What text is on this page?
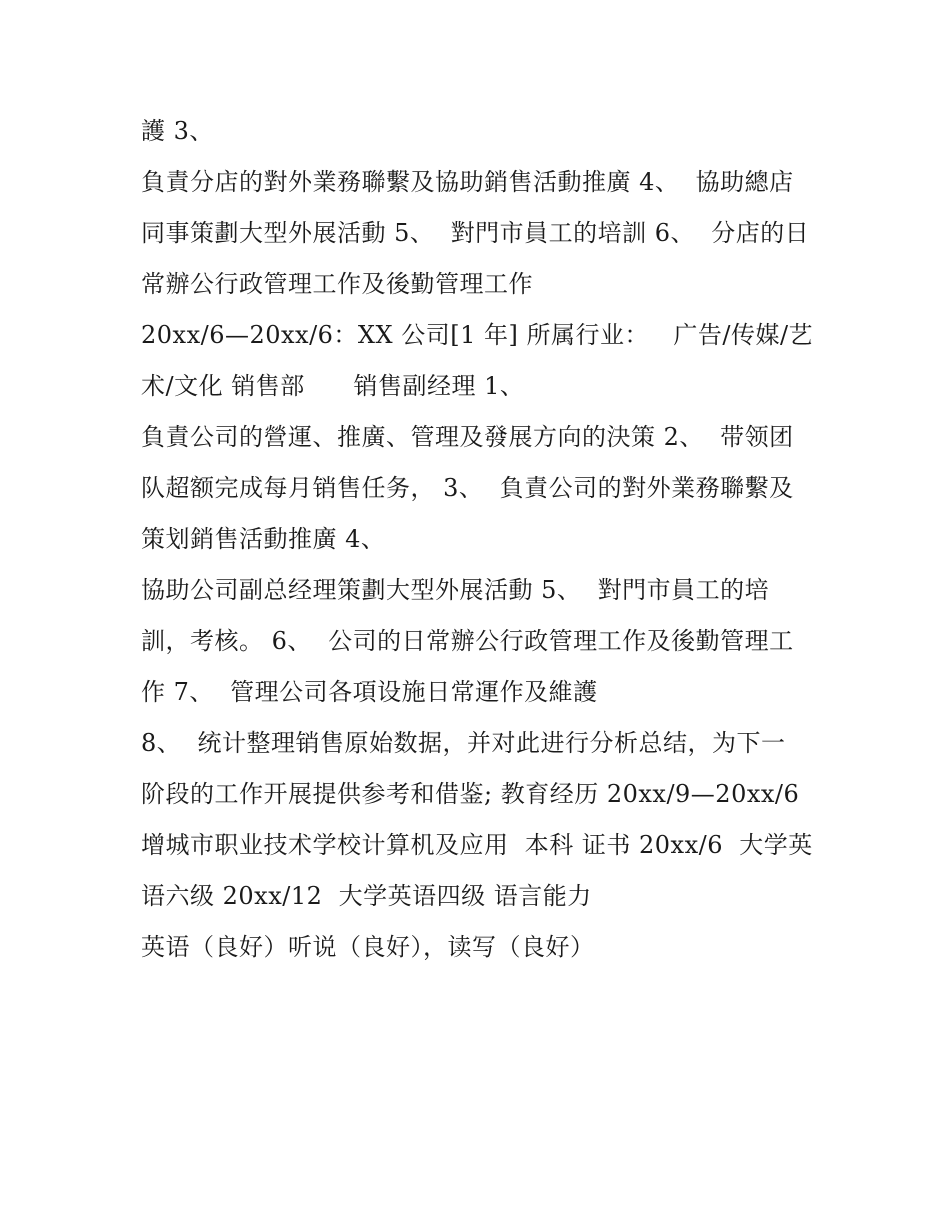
護 3、
負責分店的對外業務聯繫及協助銷售活動推廣 4、  協助總店
同事策劃大型外展活動 5、  對門市員工的培訓 6、  分店的日
常辦公行政管理工作及後勤管理工作
20xx/6—20xx/6：XX 公司[1 年] 所属行业：   广告/传媒/艺
术/文化 销售部      销售副经理 1、
負責公司的營運、推廣、管理及發展方向的決策 2、  带领团
队超额完成每月销售任务， 3、  負責公司的對外業務聯繫及
策划銷售活動推廣 4、
協助公司副总经理策劃大型外展活動 5、  對門市員工的培
訓，考核。 6、  公司的日常辦公行政管理工作及後勤管理工
作 7、  管理公司各項设施日常運作及維護
8、  统计整理销售原始数据，并对此进行分析总结，为下一
阶段的工作开展提供参考和借鉴; 教育经历 20xx/9—20xx/6
增城市职业技术学校计算机及应用  本科 证书 20xx/6  大学英
语六级 20xx/12  大学英语四级 语言能力
英语（良好）听说（良好），读写（良好）
